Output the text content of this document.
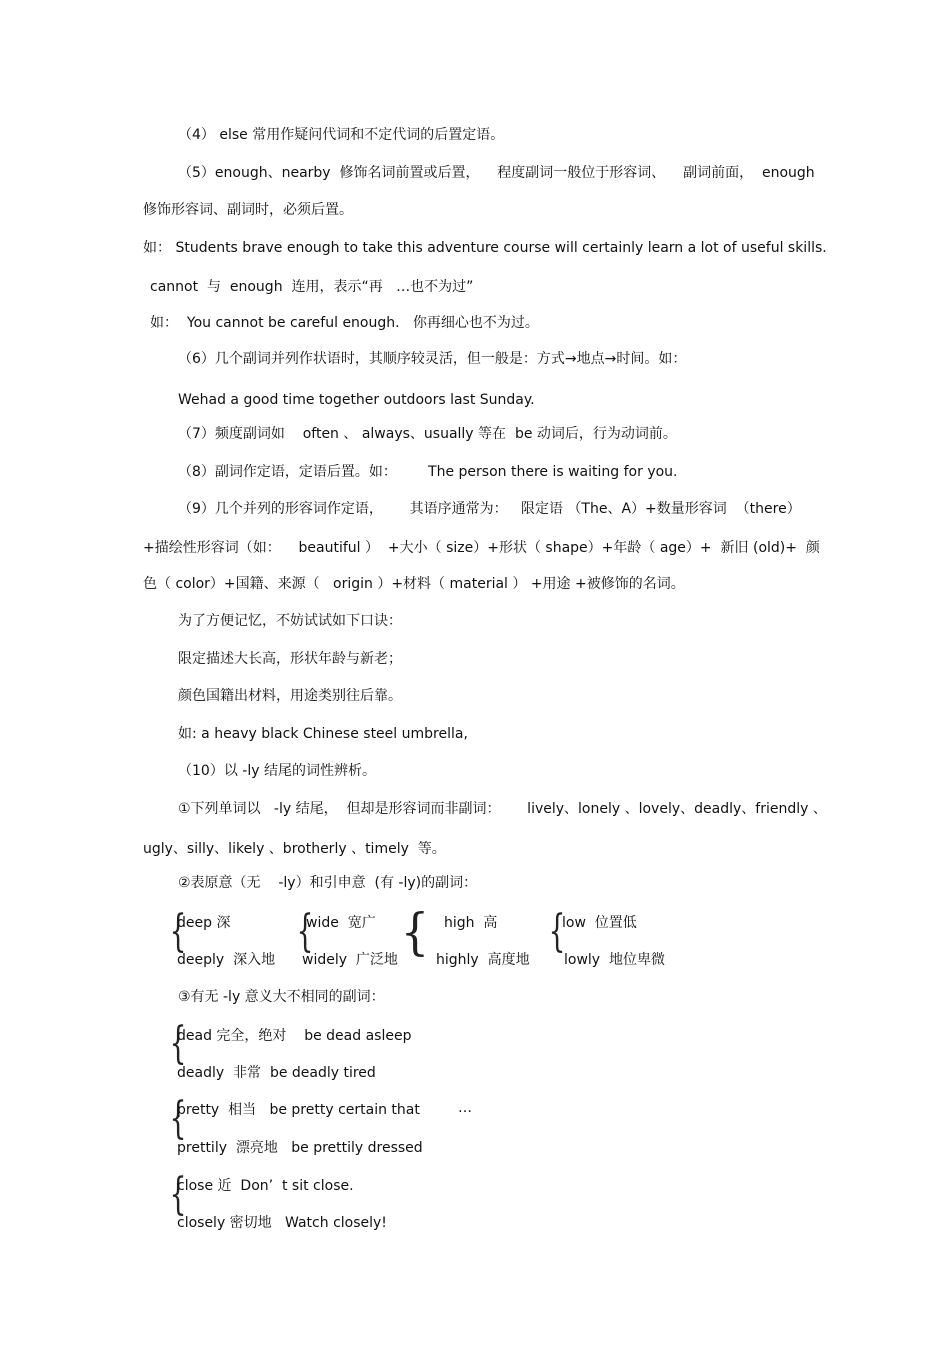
（4） else 常用作疑问代词和不定代词的后置定语。
（5）enough、nearby  修饰名词前置或后置，    程度副词一般位于形容词、    副词前面，  enough
修饰形容词、副词时，必须后置。
如： Students brave enough to take this adventure course will certainly learn a lot of useful skills.
cannot  与  enough  连用，表示“再   …也不为过”
如：  You cannot be careful enough.   你再细心也不为过。
（6）几个副词并列作状语时，其顺序较灵活，但一般是：方式→地点→时间。如：
Wehad a good time together outdoors last Sunday.
（7）频度副词如    often 、 always、usually 等在  be 动词后，行为动词前。
（8）副词作定语，定语后置。如：       The person there is waiting for you.
（9）几个并列的形容词作定语，      其语序通常为：   限定语 （The、A）+数量形容词  （there）
+描绘性形容词（如：    beautiful ）  +大小（ size）+形状（ shape）+年龄（ age）+  新旧 (old)+  颜
色（ color）+国籍、来源（   origin ）+材料（ material ） +用途 +被修饰的名词。
为了方便记忆，不妨试试如下口诀：
限定描述大长高，形状年龄与新老；
颜色国籍出材料，用途类别往后靠。
如: a heavy black Chinese steel umbrella,
（10）以 -ly 结尾的词性辨析。
①下列单词以   -ly 结尾，  但却是形容词而非副词：      lively、lonely 、lovely、deadly、friendly 、
ugly、silly、likely 、brotherly 、timely  等。
②表原意（无    -ly）和引申意  (有 -ly)的副词：
{
deep 深
deeply  深入地
{
wide  宽广
widely  广泛地 { high  高
highly  高度地
{
low  位置低
lowly  地位卑微
③有无 -ly 意义大不相同的副词：
{
dead 完全，绝对    be dead asleep
deadly  非常  be deadly tired
{
pretty  相当   be pretty certain that	…
prettily  漂亮地   be prettily dressed
{
close 近  Don’  t sit close.
closely 密切地   Watch closely!
